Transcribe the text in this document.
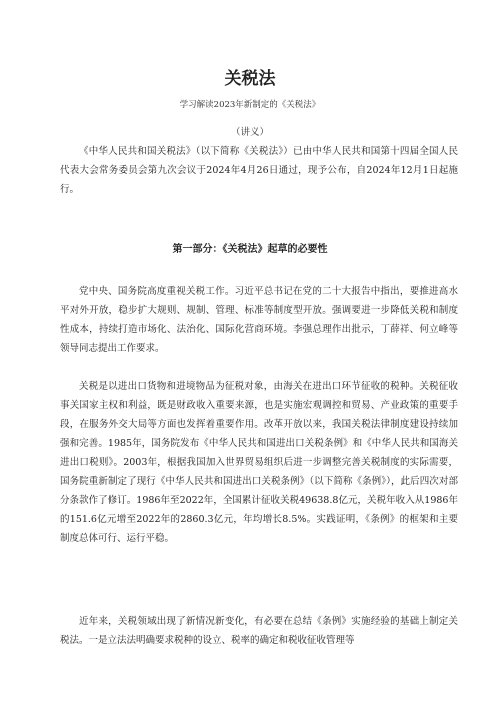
关税法

学习解读2023年新制定的《关税法》

（讲义）

《中华人民共和国关税法》（以下简称《关税法》）已由中华人民共和国第十四届全国人民代表大会常务委员会第九次会议于2024年4月26日通过，现予公布，自2024年12月1日起施行。

第一部分：《关税法》起草的必要性

党中央、国务院高度重视关税工作。习近平总书记在党的二十大报告中指出，要推进高水平对外开放，稳步扩大规则、规制、管理、标准等制度型开放。强调要进一步降低关税和制度性成本，持续打造市场化、法治化、国际化营商环境。李强总理作出批示，丁薛祥、何立峰等领导同志提出工作要求。

关税是以进出口货物和进境物品为征税对象，由海关在进出口环节征收的税种。关税征收事关国家主权和利益，既是财政收入重要来源，也是实施宏观调控和贸易、产业政策的重要手段，在服务外交大局等方面也发挥着重要作用。改革开放以来，我国关税法律制度建设持续加强和完善。1985年，国务院发布《中华人民共和国进出口关税条例》和《中华人民共和国海关进出口税则》。2003年，根据我国加入世界贸易组织后进一步调整完善关税制度的实际需要，国务院重新制定了现行《中华人民共和国进出口关税条例》（以下简称《条例》），此后四次对部分条款作了修订。1986年至2022年，全国累计征收关税49638.8亿元，关税年收入从1986年的151.6亿元增至2022年的2860.3亿元，年均增长8.5%。实践证明，《条例》的框架和主要制度总体可行、运行平稳。

近年来，关税领域出现了新情况新变化，有必要在总结《条例》实施经验的基础上制定关税法。一是立法法明确要求税种的设立、税率的确定和税收征收管理等
